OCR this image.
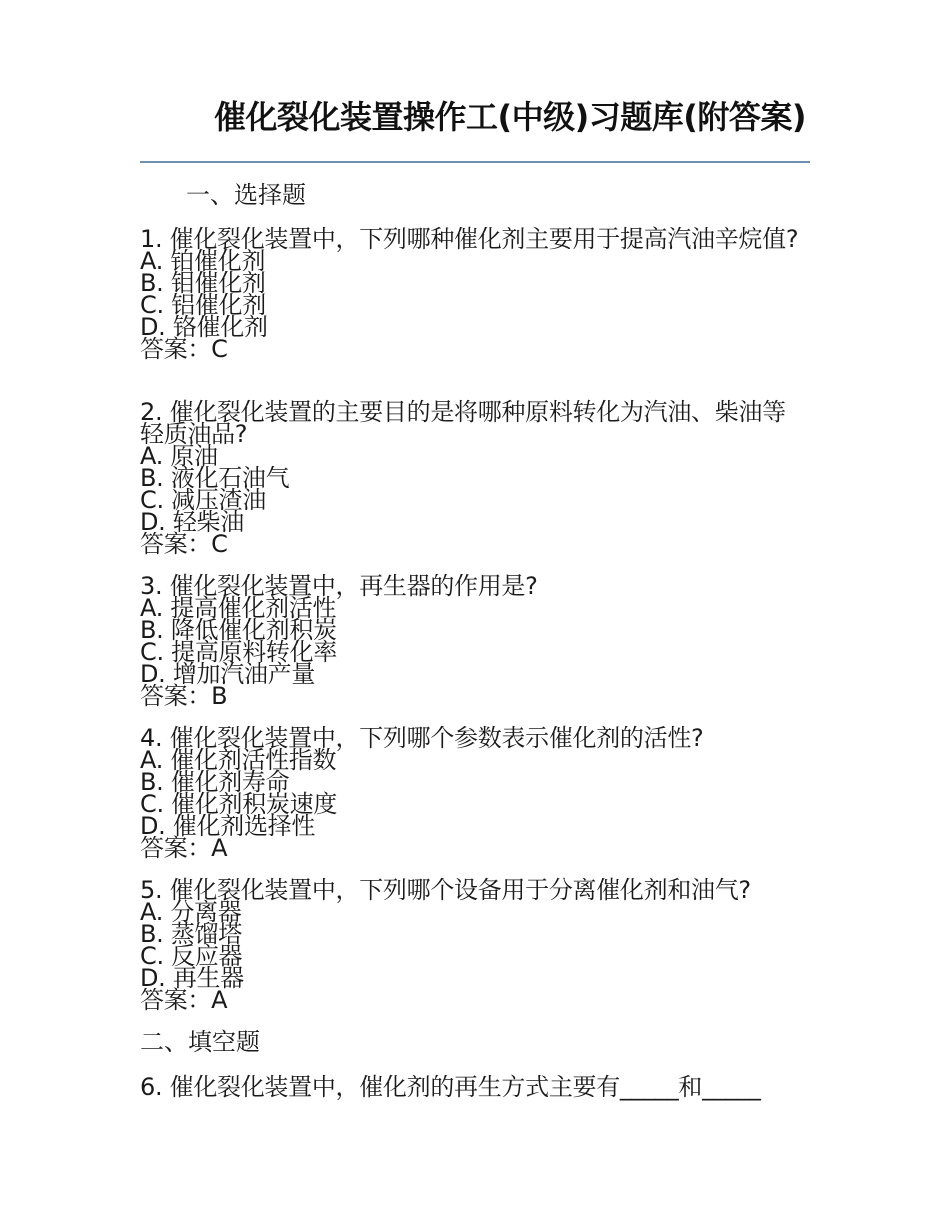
催化裂化装置操作工(中级)习题库(附答案)
一、选择题
1. 催化裂化装置中，下列哪种催化剂主要用于提高汽油辛烷值?
A. 铂催化剂
B. 钼催化剂
C. 铝催化剂
D. 铬催化剂
答案：C
2. 催化裂化装置的主要目的是将哪种原料转化为汽油、柴油等轻质油品?
A. 原油
B. 液化石油气
C. 减压渣油
D. 轻柴油
答案：C
3. 催化裂化装置中，再生器的作用是?
A. 提高催化剂活性
B. 降低催化剂积炭
C. 提高原料转化率
D. 增加汽油产量
答案：B
4. 催化裂化装置中，下列哪个参数表示催化剂的活性?
A. 催化剂活性指数
B. 催化剂寿命
C. 催化剂积炭速度
D. 催化剂选择性
答案：A
5. 催化裂化装置中，下列哪个设备用于分离催化剂和油气?
A. 分离器
B. 蒸馏塔
C. 反应器
D. 再生器
答案：A
二、填空题
6. 催化裂化装置中，催化剂的再生方式主要有_____和_____
